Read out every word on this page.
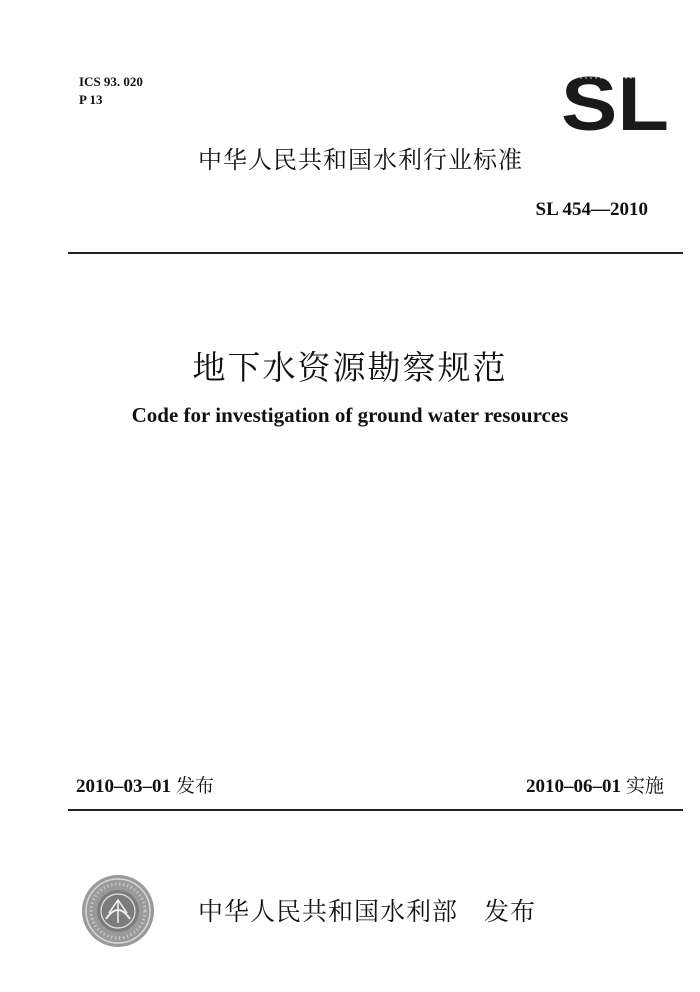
ICS 93. 020
P 13	SL
中华人民共和国水利行业标准
SL 454—2010
地下水资源勘察规范
Code for investigation of ground water resources
2010–03–01 发布	2010–06–01 实施
中华人民共和国水利部 发布
